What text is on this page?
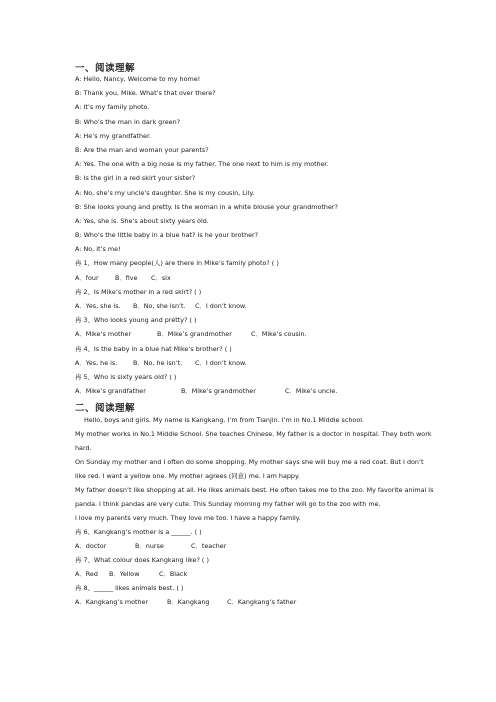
一、阅读理解
A: Hello, Nancy, Welcome to my home!
B: Thank you, Mike. What’s that over there?
A: It’s my family photo.
B: Who’s the man in dark green?
A: He’s my grandfather.
B: Are the man and woman your parents?
A: Yes. The one with a big nose is my father. The one next to him is my mother.
B: Is the girl in a red skirt your sister?
A: No, she’s my uncle’s daughter. She is my cousin, Lily.
B: She looks young and pretty. Is the woman in a white blouse your grandmother?
A: Yes, she is. She’s about sixty years old.
B: Who’s the little baby in a blue hat? Is he your brother?
A: No, it’s me!
冉 1、How many people(人) are there in Mike’s family photo? ( )
A．four	B．five C．six
冉 2、Is Mike’s mother in a red skirt? ( )
A．Yes, she is. B．No, she isn’t. C．I don’t know.
冉 3、Who looks young and pretty? ( )
A．Mike’s mother	B．Mike’s grandmother	C．Mike’s cousin.
冉 4、Is the baby in a blue hat Mike’s brother? ( )
A．Yes, he is. B．No, he isn’t. C．I don’t know.
冉 5、Who is sixty years old? ( )
A．Mike’s grandfather	B．Mike’s grandmother	C．Mike’s uncle.
二、阅读理解
Hello, boys and girls. My name is Kangkang. I’m from Tianjin. I’m in No.1 Middle school.
My mother works in No.1 Middle School. She teaches Chinese. My father is a doctor in hospital. They both work hard.
On Sunday my mother and I often do some shopping. My mother says she will buy me a red coat. But I don’t like red. I want a yellow one. My mother agrees (同意) me. I am happy.
My father doesn’t like shopping at all. He likes animals best. He often takes me to the zoo. My favorite animal is panda. I think pandas are very cute. This Sunday morning my father will go to the zoo with me.
I love my parents very much. They love me too. I have a happy family.
冉 6、Kangkang’s mother is a ______. ( )
A．doctor	B．nurse	C．teacher
冉 7、What colour does Kangkang like? ( )
A．Red B．Yellow	C．Black
冉 8、______ likes animals best. ( )
A．Kangkang’s mother	B．Kangkang	C．Kangkang’s father
